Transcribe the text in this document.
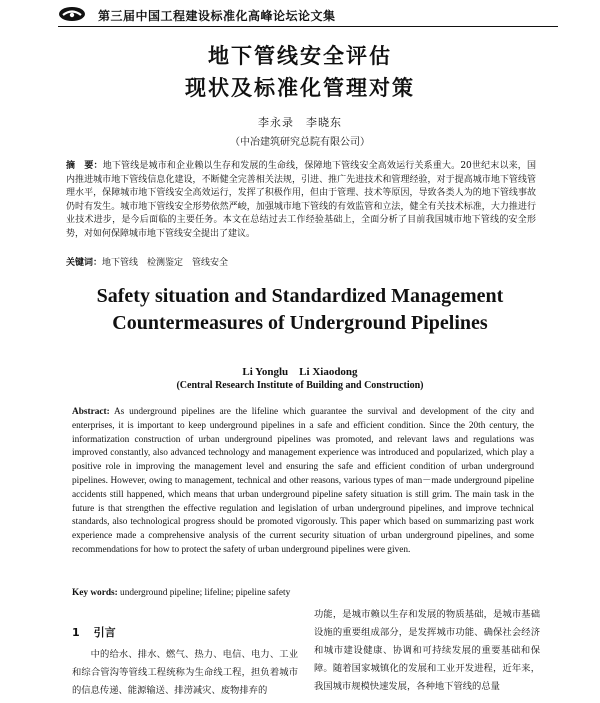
第三届中国工程建设标准化高峰论坛论文集
地下管线安全评估
现状及标准化管理对策
李永录　李晓东
（中冶建筑研究总院有限公司）
摘　要：地下管线是城市和企业赖以生存和发展的生命线，保障地下管线安全高效运行关系重大。20世纪末以来，国内推进城市地下管线信息化建设，不断健全完善相关法规，引进、推广先进技术和管理经验，对于提高城市地下管线管理水平，保障城市地下管线安全高效运行，发挥了积极作用，但由于管理、技术等原因，导致各类人为的地下管线事故仍时有发生。城市地下管线安全形势依然严峻，加强城市地下管线的有效监管和立法，健全有关技术标准，大力推进行业技术进步，是今后面临的主要任务。本文在总结过去工作经验基础上，全面分析了目前我国城市地下管线的安全形势，对如何保障城市地下管线安全提出了建议。
关键词：地下管线　检测鉴定　管线安全
Safety situation and Standardized Management
Countermeasures of Underground Pipelines
Li Yonglu　Li Xiaodong
(Central Research Institute of Building and Construction)
Abstract: As underground pipelines are the lifeline which guarantee the survival and development of the city and enterprises, it is important to keep underground pipelines in a safe and efficient condition. Since the 20th century, the informatization construction of urban underground pipelines was promoted, and relevant laws and regulations was improved constantly, also advanced technology and management experience was introduced and popularized, which play a positive role in improving the management level and ensuring the safe and efficient condition of urban underground pipelines. However, owing to management, technical and other reasons, various types of man－made underground pipeline accidents still happened, which means that urban underground pipeline safety situation is still grim. The main task in the future is that strengthen the effective regulation and legislation of urban underground pipelines, and improve technical standards, also technological progress should be promoted vigorously. This paper which based on summarizing past work experience made a comprehensive analysis of the current security situation of urban underground pipelines, and some recommendations for how to protect the safety of urban underground pipelines were given.
Key words: underground pipeline; lifeline; pipeline safety
1 引言
中的给水、排水、燃气、热力、电信、电力、工业和综合管沟等管线工程统称为生命线工程，担负着城市的信息传递、能源输送、排涝减灾、废物排弃的
功能，是城市赖以生存和发展的物质基础，是城市基础设施的重要组成部分，是发挥城市功能、确保社会经济和城市建设健康、协调和可持续发展的重要基础和保障。随着国家城镇化的发展和工业开发进程，近年来，我国城市规模快速发展，各种地下管线的总量
